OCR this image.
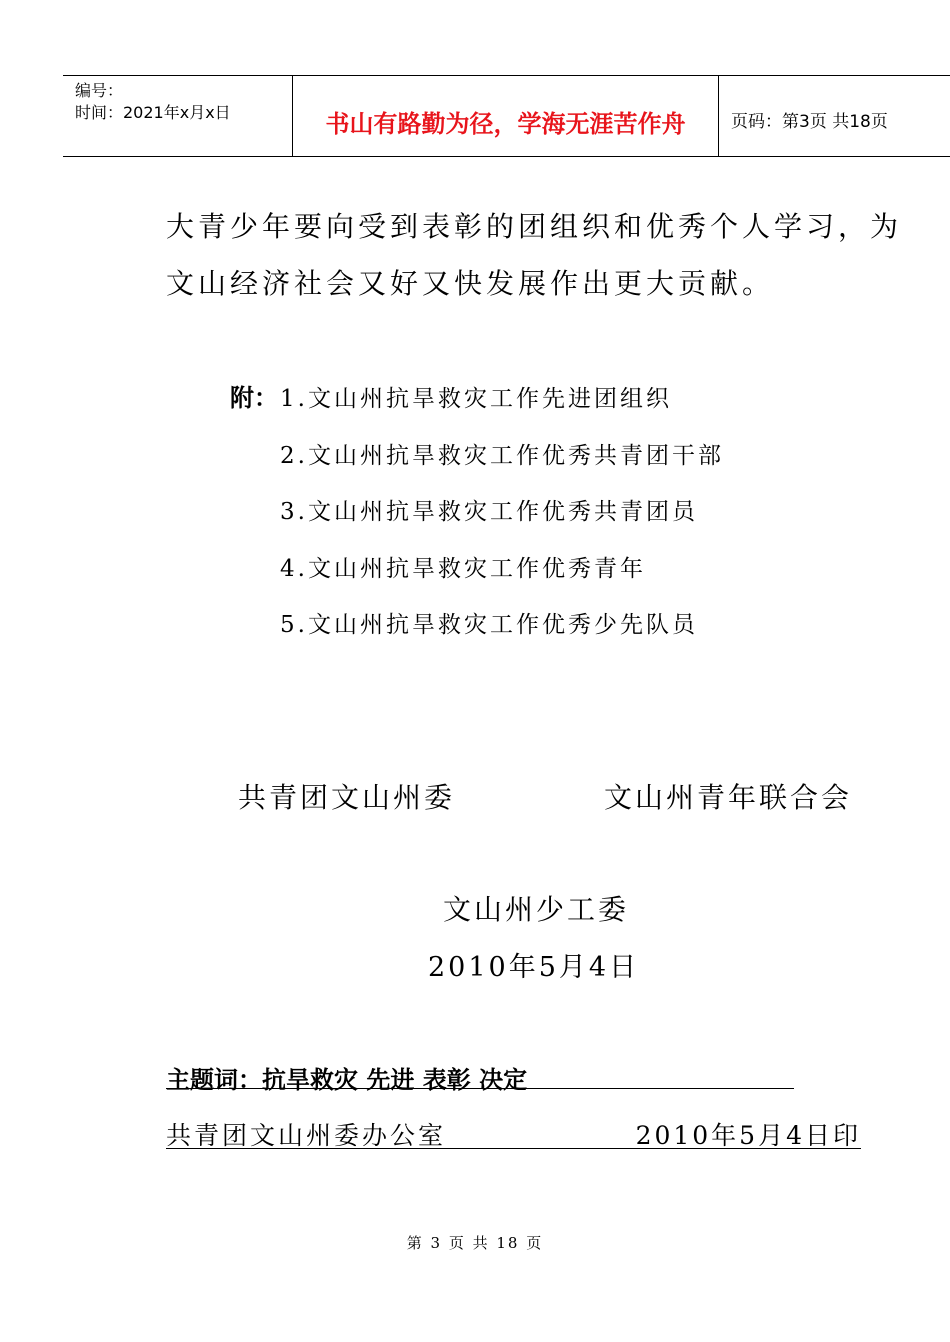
编号：
时间：2021年x月x日	书山有路勤为径，学海无涯苦作舟	页码：第3页 共18页
大青少年要向受到表彰的团组织和优秀个人学习，为
文山经济社会又好又快发展作出更大贡献。
附： 1.文山州抗旱救灾工作先进团组织
2.文山州抗旱救灾工作优秀共青团干部
3.文山州抗旱救灾工作优秀共青团员
4.文山州抗旱救灾工作优秀青年
5.文山州抗旱救灾工作优秀少先队员
共青团文山州委	文山州青年联合会
文山州少工委
2010年5月4日
主题词：抗旱救灾 先进 表彰 决定
共青团文山州委办公室	2010年5月4日印
第 3 页 共 18 页
